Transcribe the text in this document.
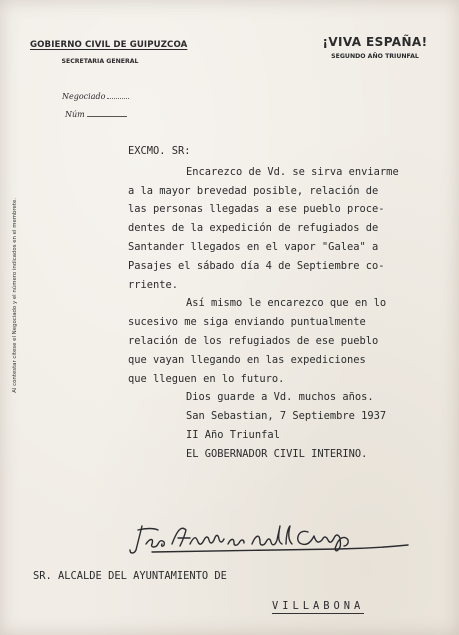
GOBIERNO CIVIL DE GUIPUZCOA
SECRETARIA GENERAL
¡VIVA ESPAÑA!
SEGUNDO AÑO TRIUNFAL
Negociado
Núm
Al contestar citese el Negociado y el número indicados en el membrete.

EXCMO. SR:

Encarezco de Vd. se sirva enviarme

a la mayor brevedad posible, relación de

las personas llegadas a ese pueblo proce-

dentes de la expedición de refugiados de

Santander llegados en el vapor "Galea" a

Pasajes el sábado día 4 de Septiembre co-

rriente.

Así mismo le encarezco que en lo

sucesivo me siga enviando puntualmente

relación de los refugiados de ese pueblo

que vayan llegando en las expediciones

que lleguen en lo futuro.

Dios guarde a Vd. muchos años.

San Sebastian, 7 Septiembre 1937

II Año Triunfal

EL GOBERNADOR CIVIL INTERINO.

SR. ALCALDE DEL AYUNTAMIENTO DE
VILLABONA
